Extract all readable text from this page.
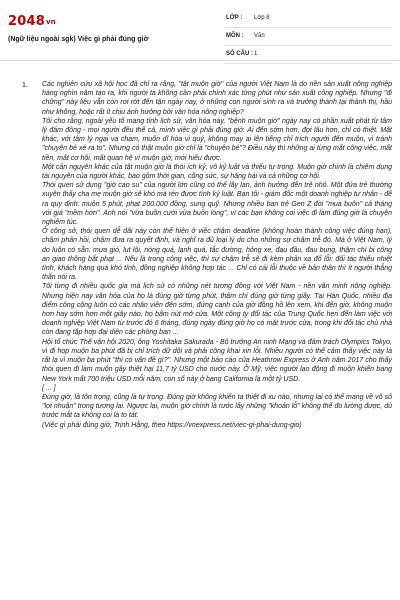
2048vn
(Ngữ liệu ngoài sgk) Việc gì phải đúng giờ
LỚP : Lớp 8
MÔN : Văn
SỐ CÂU : 1
1. Các nghiên cứu xã hội học đã chỉ ra rằng, "tật muộn giờ" của người Việt Nam là do nền sản xuất nông nghiệp hàng nghìn năm tạo ra, khi người ta không cần phải chính xác từng phút như sản xuất công nghiệp. Nhưng "đi chững" này liệu vẫn còn rơi rớt đến tận ngày nay, ở những con người sinh ra và trưởng thành tại thành thị, hầu như không, hoặc rất ít chịu ảnh hưởng bởi văn hóa nông nghiệp?

Tôi cho rằng, ngoài yếu tố mang tính lịch sử, văn hóa này, "bệnh muộn giờ" ngày nay có phần xuất phát từ tâm lý đám đông - mọi người đều thế cả, mình việc gì phải đúng giờ. Ai đến sớm hơn, đợi lâu hơn, chỉ có thiệt. Mặt khác, với tâm lý ngại va chạm, muốn dĩ hòa vi quý, không may ai lên tiếng chỉ trích người đến muộn, vì tránh "chuyện bé xé ra to". Nhưng có thật muộn giờ chỉ là "chuyện bé"? Điều này thì những ai từng mất công việc, mất tiền, mất cơ hội, mất quan hệ vì muộn giờ, mới hiểu được.

Một cản nguyên khác của tật muộn giờ là thói ích kỷ, vô kỷ luật và thiếu tự trọng. Muộn giờ chính là chiếm dụng tài nguyên của người khác, bao gồm thời gian, công sức, sự hăng hái và cả những cơ hội.

Thói quen sử dụng "giờ cao su" của người lớn cũng có thể lây lan, ảnh hưởng đến trẻ nhỏ. Một đứa trẻ thường xuyên thấy cha mẹ muộn giờ sẽ khó mà rèn được tính kỷ luật. Bạn tôi - giám đốc một doanh nghiệp tư nhân - để ra quy định: muộn 5 phút, phạt 200.000 đồng, sung quỹ. Nhưng nhiều bạn trẻ Gen Z đòi "mua buôn" cả tháng với giá "mềm hơn". Anh nói "vừa buồn cười vừa buồn lòng", vì các bạn không coi việc đi làm đúng giờ là chuyện nghiêm túc.

Ở công sở, thói quen dễ dãi này còn thể hiện ở việc chậm deadline (không hoàn thành công việc đúng hạn), chậm phản hồi, chậm đưa ra quyết định, và nghĩ ra đủ loại lý do cho những sự chậm trễ đó. Mà ở Việt Nam, lý do luôn có sẵn: mưa gió, lụt lội, nóng quá, lạnh quá, tắc đường, hỏng xe, đau đầu, đau bụng, thậm chí bị công an giao thông bắt phạt ... Nếu là trong công việc, thì sự chậm trễ sẽ đi kèm phản xạ đổ lỗi: đối tác thiếu nhiệt tình, khách hàng quá khó tính, đồng nghiệp không hợp tác ... Chỉ có cái lỗi thuộc về bản thân thì ít người thẳng thắn nói ra.

Tôi từng đi nhiều quốc gia mà lịch sử có những nét tương đồng với Việt Nam - nền văn minh nông nghiệp. Nhưng hiện nay văn hóa của họ là đúng giờ từng phút, thậm chí đúng giờ từng giây. Tại Hàn Quốc, nhiều địa điểm công cộng luôn có các nhân viên đến sớm, đứng canh của giờ đồng hồ lên xem, khi đến giờ, không muộn hơn hay sớm hơn một giây nào, họ bấm nút mở cửa. Một công ty đối tác của Trung Quốc hẹn đến làm việc với doanh nghiệp Việt Nam từ trước đó 6 tháng, đúng ngày đúng giờ họ có mặt trước cửa, trong khi đối tác chủ nhà còn đang tập hợp đại diện các phòng ban ...

Hội tổ chức Thế vận hội 2020, ông Yoshitaka Sakurada - Bộ trưởng An ninh Mạng và đảm trách Olympics Tokyo, vì đi họp muộn ba phút đã bị chỉ trích dữ dội và phải công khai xin lỗi. Nhiều người có thể cảm thấy việc này là rất lạ vì muộn ba phút "thì có vấn đề gì?". Nhưng một báo cáo của Heathrow Express ở Anh năm 2017 cho thấy thói quen đi làm muộn gây thiệt hại 11,7 tỷ USD cho nước này. Ở Mỹ, việc người lao động đi muộn khiến bang New York mất 700 triệu USD mỗi năm, con số này ở bang California là một tỷ USD.

[ ... ]

Đúng giờ, là tôn trọng, cũng là tự trọng. Đúng giờ không khiến ta thiệt đi xu nào, nhưng lại có thể mang về vô số "lợi nhuận" trong tương lai. Ngược lại, muộn giờ chính là rước lấy những "khoản lỗ" không thể đo lường được, dù trước mắt ta không coi là to tát.

(Việc gì phải đúng giờ, Trịnh Hằng, theo https://vnexpress.net/viec-gi-phai-dung-gio)
